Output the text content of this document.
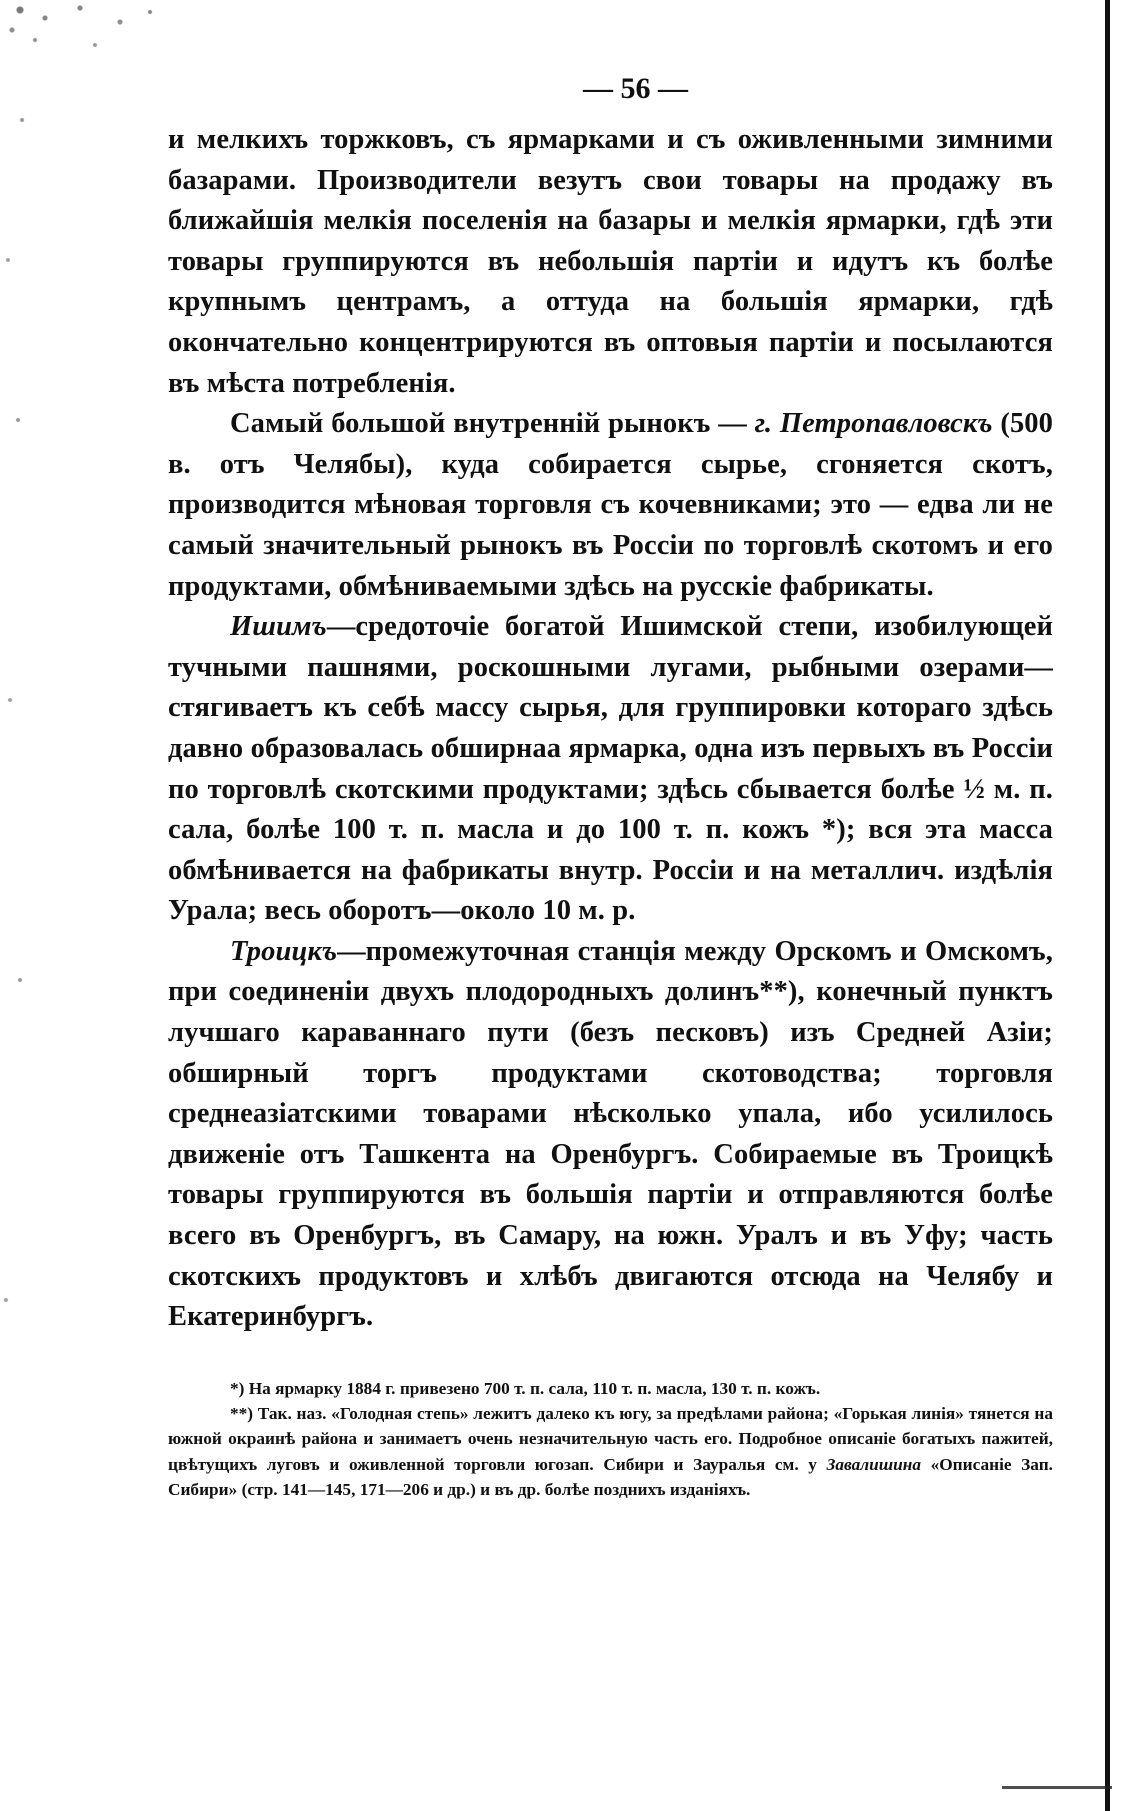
— 56 —

и мелкихъ торжковъ, съ ярмарками и съ оживленными зимними базарами. Производители везутъ свои товары на продажу въ ближайшія мелкія поселенія на базары и мелкія ярмарки, гдѣ эти товары группируются въ небольшія партіи и идутъ къ болѣе крупнымъ центрамъ, а оттуда на большія ярмарки, гдѣ окончательно концентрируются въ оптовыя партіи и посылаются въ мѣста потребленія.

Самый большой внутренній рынокъ — г. Петропавловскъ (500 в. отъ Челябы), куда собирается сырье, сгоняется скотъ, производится мѣновая торговля съ кочевниками; это — едва ли не самый значительный рынокъ въ Россіи по торговлѣ скотомъ и его продуктами, обмѣниваемыми здѣсь на русскіе фабрикаты.

Ишимъ—средоточіе богатой Ишимской степи, изобилующей тучными пашнями, роскошными лугами, рыбными озерами—стягиваетъ къ себѣ массу сырья, для группировки котораго здѣсь давно образовалась обширнаа ярмарка, одна изъ первыхъ въ Россіи по торговлѣ скотскими продуктами; здѣсь сбывается болѣе ½ м. п. сала, болѣе 100 т. п. масла и до 100 т. п. кожъ *); вся эта масса обмѣнивается на фабрикаты внутр. Россіи и на металлич. издѣлія Урала; весь оборотъ—около 10 м. р.

Троицкъ—промежуточная станція между Орскомъ и Омскомъ, при соединеніи двухъ плодородныхъ долинъ**), конечный пунктъ лучшаго караваннаго пути (безъ песковъ) изъ Средней Азіи; обширный торгъ продуктами скотоводства; торговля среднеазіатскими товарами нѣсколько упала, ибо усилилось движеніе отъ Ташкента на Оренбургъ. Собираемые въ Троицкѣ товары группируются въ большія партіи и отправляются болѣе всего въ Оренбургъ, въ Самару, на южн. Уралъ и въ Уфу; часть скотскихъ продуктовъ и хлѣбъ двигаются отсюда на Челябу и Екатеринбургъ.

*) На ярмарку 1884 г. привезено 700 т. п. сала, 110 т. п. масла, 130 т. п. кожъ.

**) Так. наз. «Голодная степь» лежитъ далеко къ югу, за предѣлами района; «Горькая линія» тянется на южной окраинѣ района и занимаетъ очень незначительную часть его. Подробное описаніе богатыхъ пажитей, цвѣтущихъ луговъ и оживленной торговли югозап. Сибири и Зауралья см. у Завалишина «Описаніе Зап. Сибири» (стр. 141—145, 171—206 и др.) и въ др. болѣе позднихъ изданіяхъ.
